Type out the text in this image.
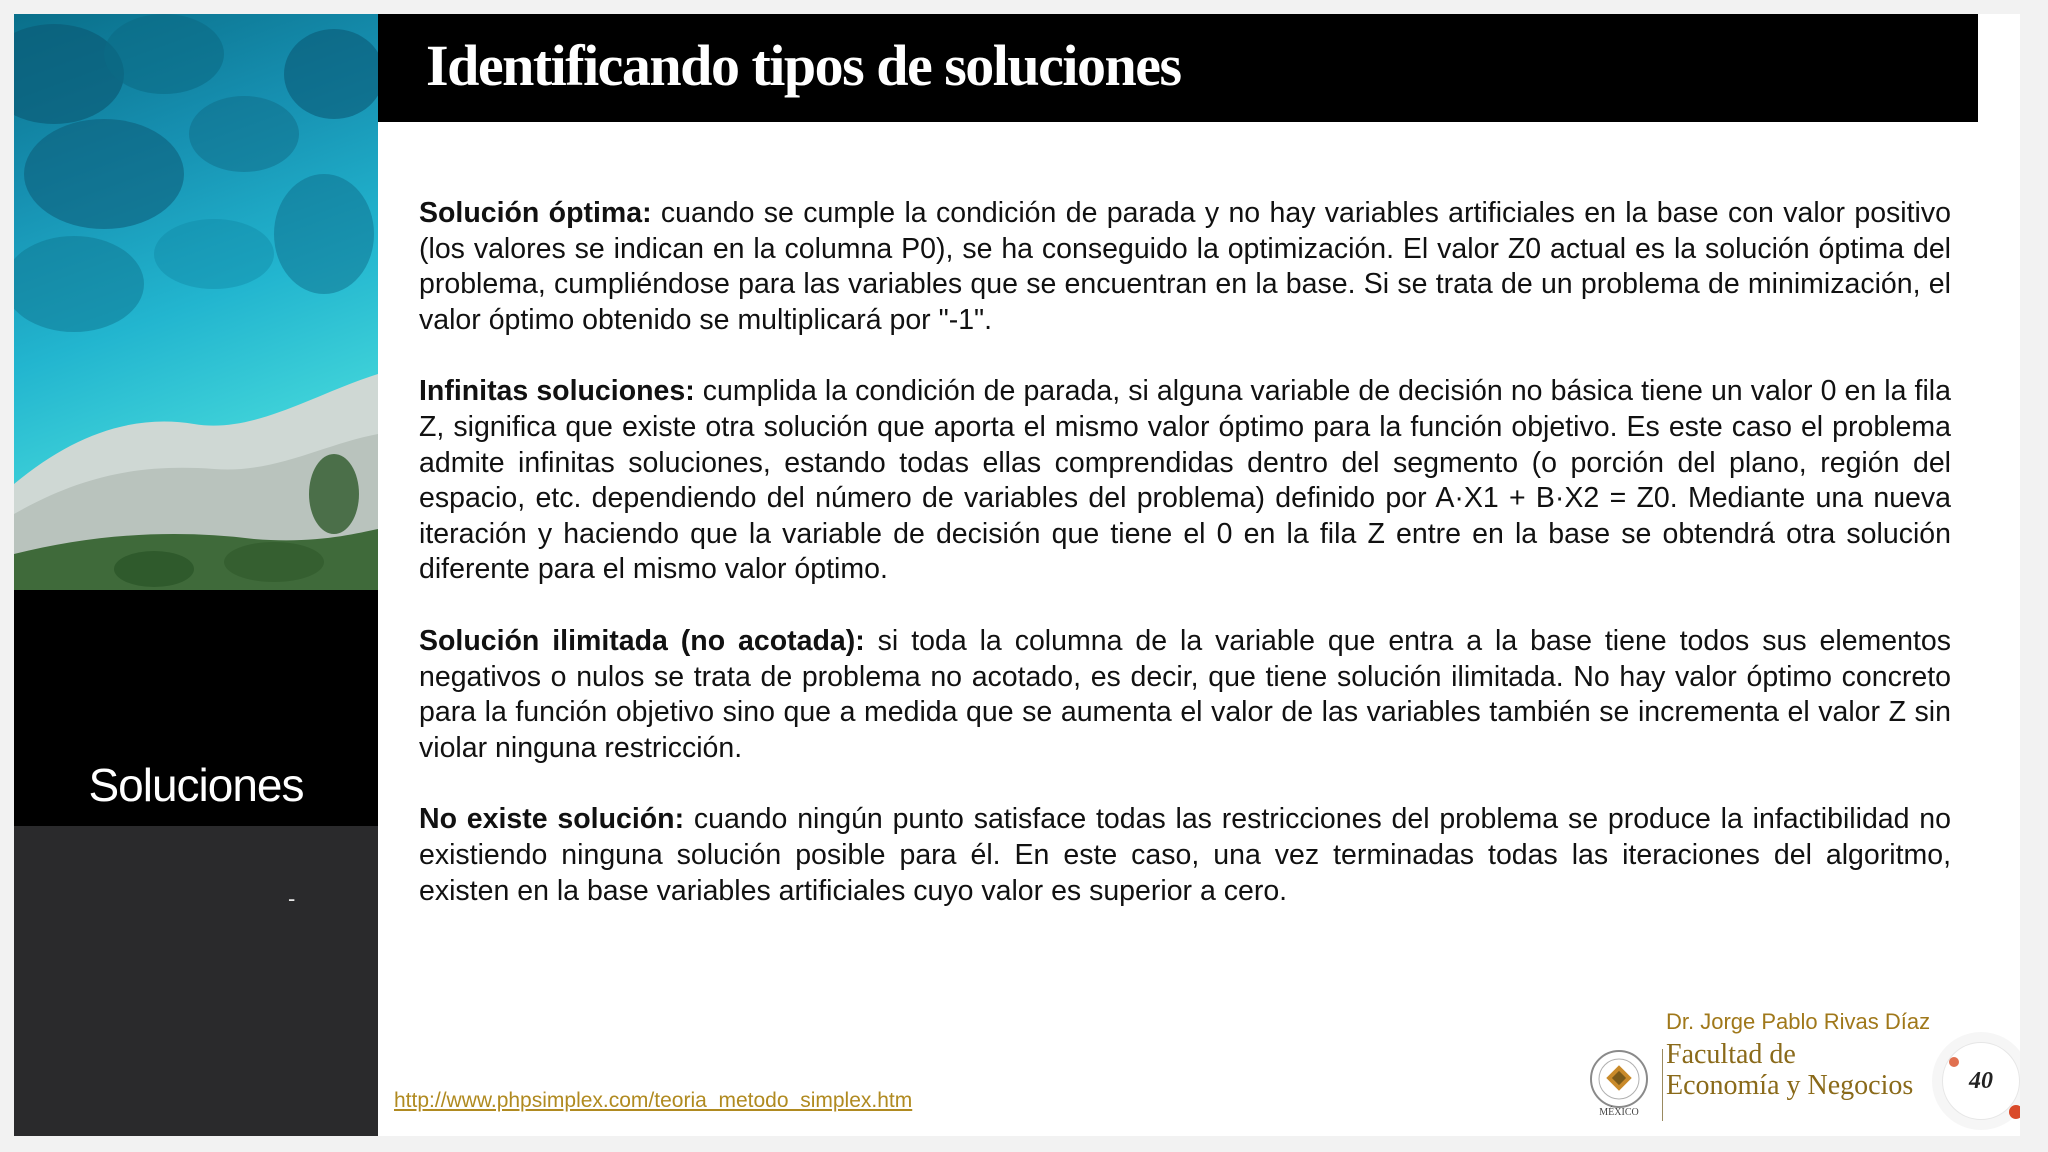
Soluciones
-
Identificando tipos de soluciones

Solución óptima: cuando se cumple la condición de parada y no hay variables artificiales en la base con valor positivo (los valores se indican en la columna P0), se ha conseguido la optimización. El valor Z0 actual es la solución óptima del problema, cumpliéndose para las variables que se encuentran en la base. Si se trata de un problema de minimización, el valor óptimo obtenido se multiplicará por "-1".

Infinitas soluciones: cumplida la condición de parada, si alguna variable de decisión no básica tiene un valor 0 en la fila Z, significa que existe otra solución que aporta el mismo valor óptimo para la función objetivo. Es este caso el problema admite infinitas soluciones, estando todas ellas comprendidas dentro del segmento (o porción del plano, región del espacio, etc. dependiendo del número de variables del problema) definido por A·X1 + B·X2 = Z0. Mediante una nueva iteración y haciendo que la variable de decisión que tiene el 0 en la fila Z entre en la base se obtendrá otra solución diferente para el mismo valor óptimo.

Solución ilimitada (no acotada): si toda la columna de la variable que entra a la base tiene todos sus elementos negativos o nulos se trata de problema no acotado, es decir, que tiene solución ilimitada. No hay valor óptimo concreto para la función objetivo sino que a medida que se aumenta el valor de las variables también se incrementa el valor Z sin violar ninguna restricción.

No existe solución: cuando ningún punto satisface todas las restricciones del problema se produce la infactibilidad no existiendo ninguna solución posible para él. En este caso, una vez terminadas todas las iteraciones del algoritmo, existen en la base variables artificiales cuyo valor es superior a cero.

http://www.phpsimplex.com/teoria_metodo_simplex.htm
MÉXICO
Dr. Jorge Pablo Rivas Díaz
Facultad de
Economía y Negocios	40
